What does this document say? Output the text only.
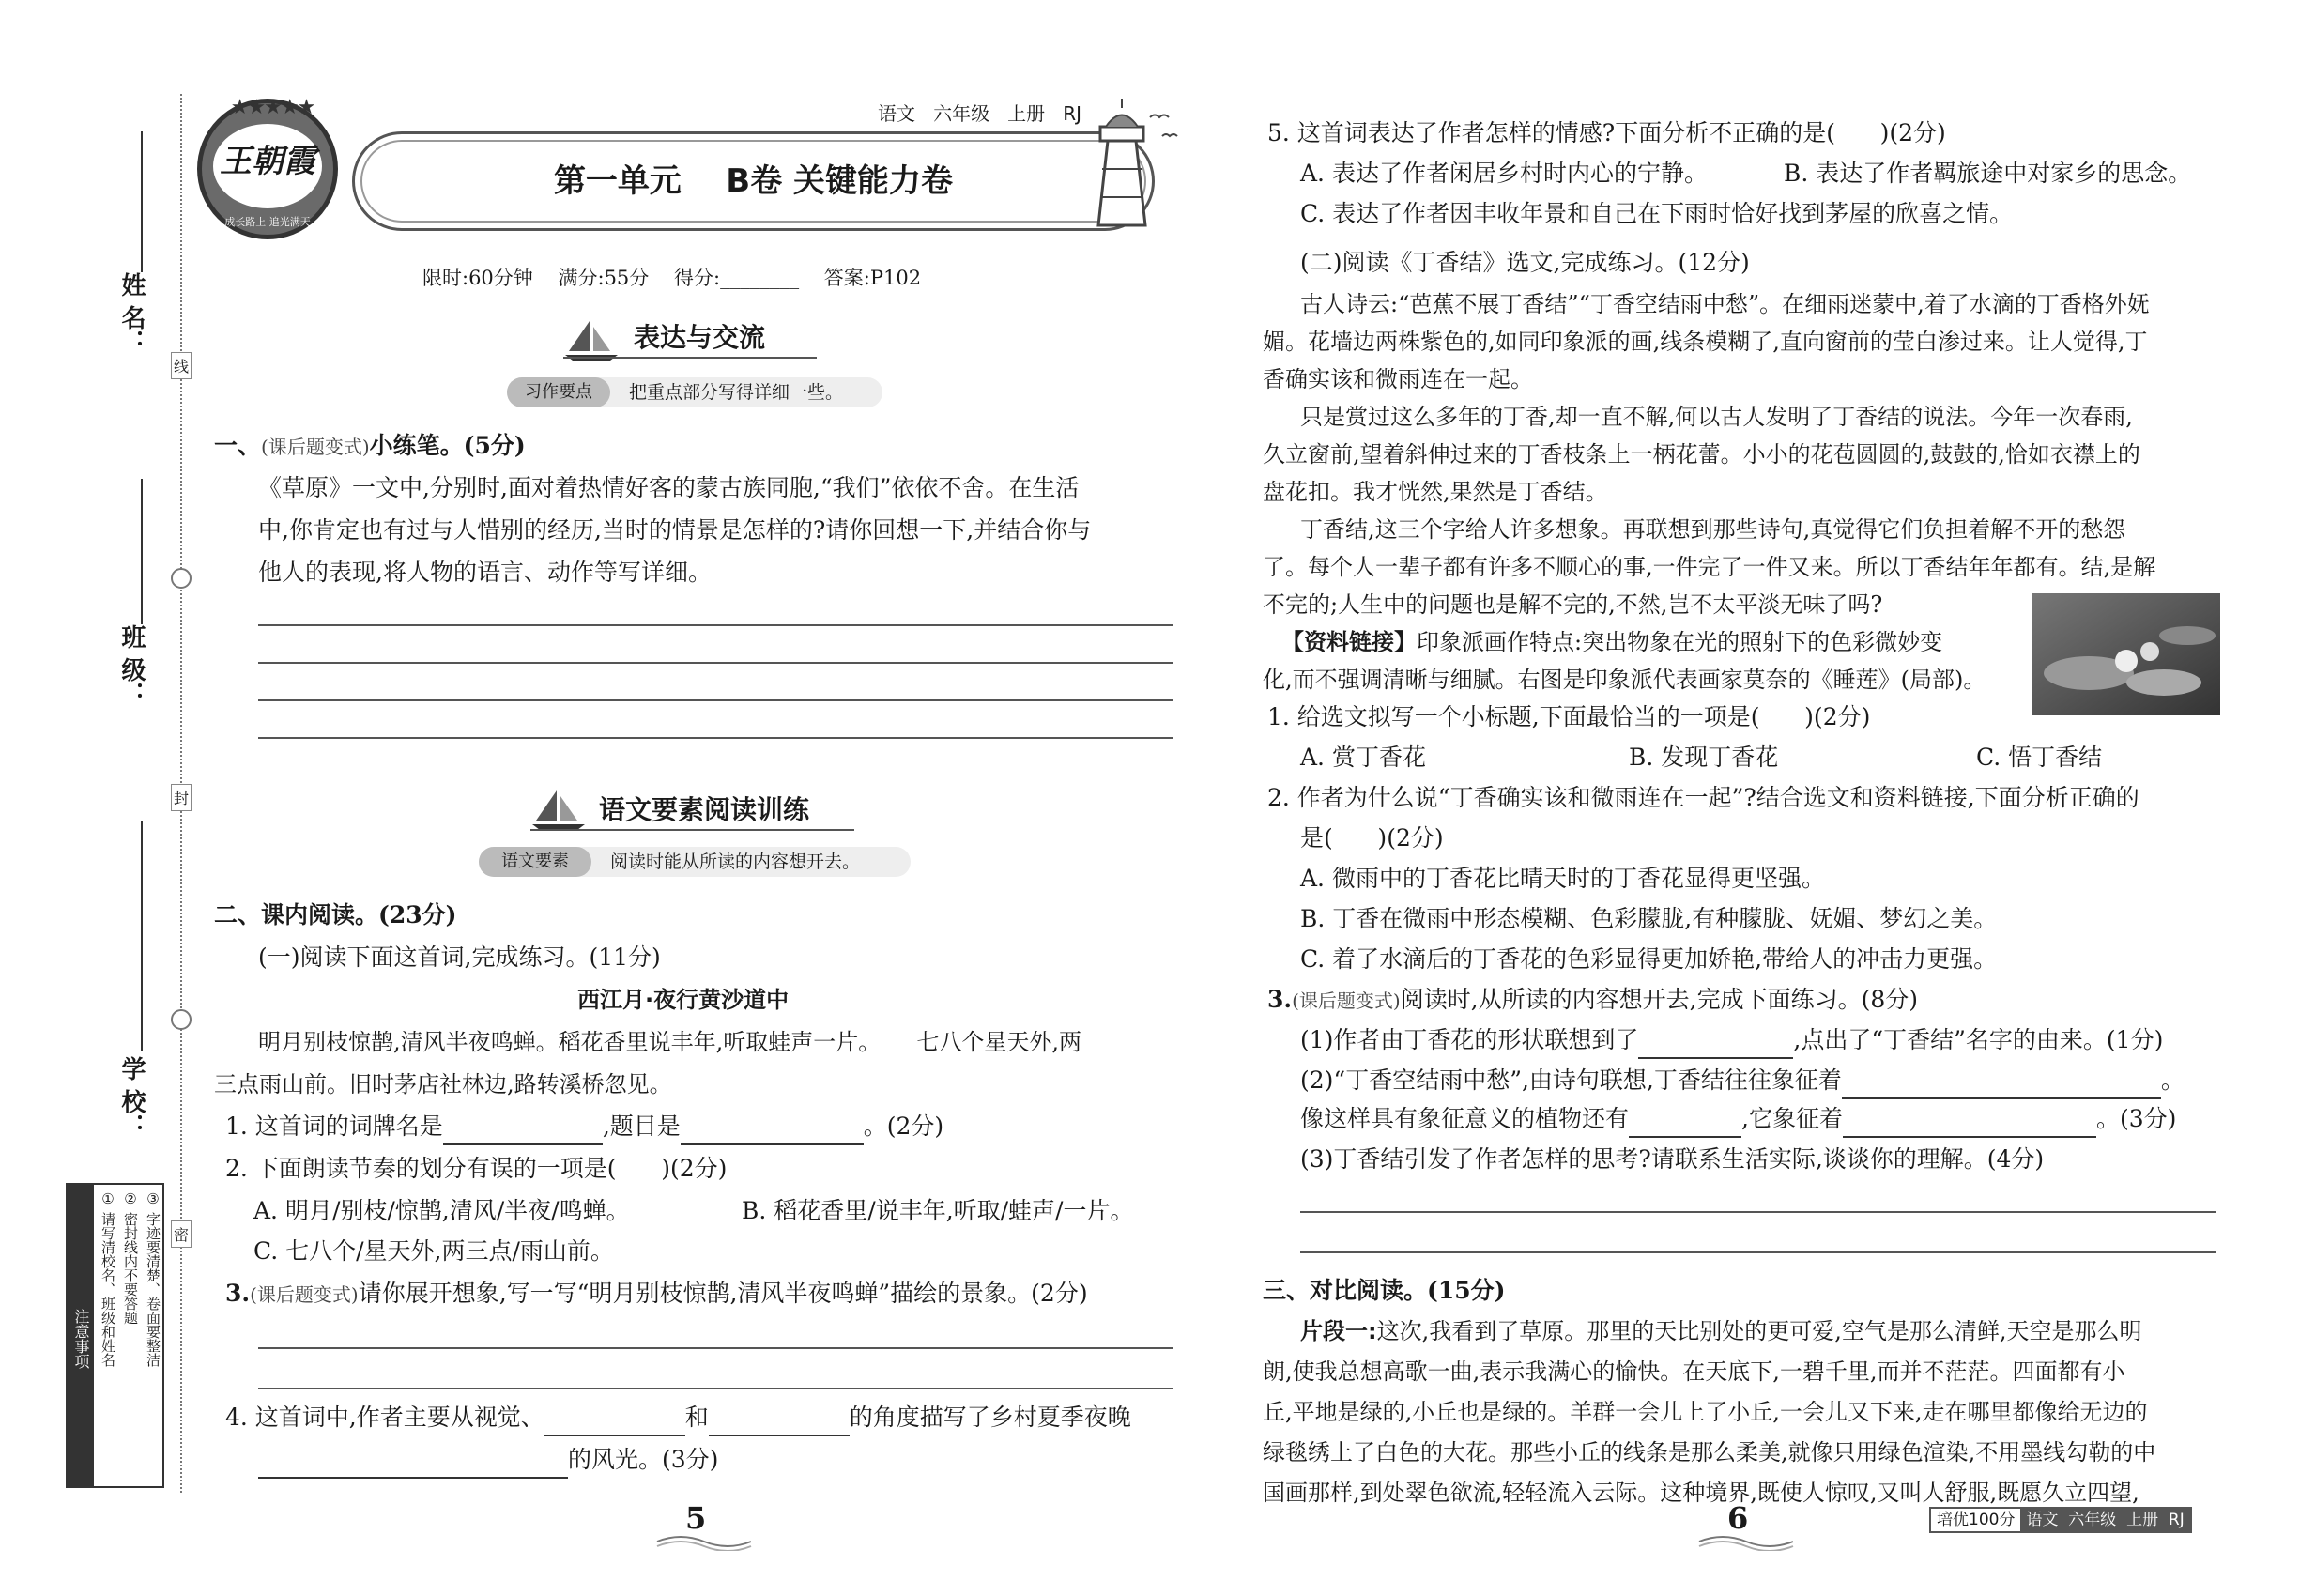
姓 名：
班 级：
学 校：
线
封
密
注意事项 ① 请写清校名、班级和姓名 ② 密封线内不要答题 ③ 字迹要清楚、卷面要整洁
★★★★★
王朝霞
成长路上 追光满天
语文   六年级   上册   RJ
第一单元    B卷 关键能力卷
限时:60分钟    满分:55分    得分:________    答案:P102
表达与交流
习作要点	把重点部分写得详细一些。
一、(课后题变式)小练笔。(5分)
《草原》一文中,分别时,面对着热情好客的蒙古族同胞,“我们”依依不舍。在生活
中,你肯定也有过与人惜别的经历,当时的情景是怎样的?请你回想一下,并结合你与
他人的表现,将人物的语言、动作等写详细。
语文要素阅读训练
语文要素	阅读时能从所读的内容想开去。
二、课内阅读。(23分)
(一)阅读下面这首词,完成练习。(11分)
西江月·夜行黄沙道中
明月别枝惊鹊,清风半夜鸣蝉。稻花香里说丰年,听取蛙声一片。     七八个星天外,两
三点雨山前。旧时茅店社林边,路转溪桥忽见。
1. 这首词的词牌名是	,题目是	。(2分)
2. 下面朗读节奏的划分有误的一项是(      )(2分)
A. 明月/别枝/惊鹊,清风/半夜/鸣蝉。	B. 稻花香里/说丰年,听取/蛙声/一片。
C. 七八个/星天外,两三点/雨山前。
3.(课后题变式)请你展开想象,写一写“明月别枝惊鹊,清风半夜鸣蝉”描绘的景象。(2分)
4. 这首词中,作者主要从视觉、	和	的角度描写了乡村夏季夜晚
的风光。(3分)
5
5. 这首词表达了作者怎样的情感?下面分析不正确的是(      )(2分)
A. 表达了作者闲居乡村时内心的宁静。	B. 表达了作者羁旅途中对家乡的思念。
C. 表达了作者因丰收年景和自己在下雨时恰好找到茅屋的欣喜之情。
(二)阅读《丁香结》选文,完成练习。(12分)
古人诗云:“芭蕉不展丁香结”“丁香空结雨中愁”。在细雨迷蒙中,着了水滴的丁香格外妩
媚。花墙边两株紫色的,如同印象派的画,线条模糊了,直向窗前的莹白渗过来。让人觉得,丁
香确实该和微雨连在一起。
只是赏过这么多年的丁香,却一直不解,何以古人发明了丁香结的说法。今年一次春雨,
久立窗前,望着斜伸过来的丁香枝条上一柄花蕾。小小的花苞圆圆的,鼓鼓的,恰如衣襟上的
盘花扣。我才恍然,果然是丁香结。
丁香结,这三个字给人许多想象。再联想到那些诗句,真觉得它们负担着解不开的愁怨
了。每个人一辈子都有许多不顺心的事,一件完了一件又来。所以丁香结年年都有。结,是解
不完的;人生中的问题也是解不完的,不然,岂不太平淡无味了吗?
【资料链接】印象派画作特点:突出物象在光的照射下的色彩微妙变
化,而不强调清晰与细腻。右图是印象派代表画家莫奈的《睡莲》(局部)。
1. 给选文拟写一个小标题,下面最恰当的一项是(      )(2分)
A. 赏丁香花	B. 发现丁香花	C. 悟丁香结
2. 作者为什么说“丁香确实该和微雨连在一起”?结合选文和资料链接,下面分析正确的
是(      )(2分)
A. 微雨中的丁香花比晴天时的丁香花显得更坚强。
B. 丁香在微雨中形态模糊、色彩朦胧,有种朦胧、妩媚、梦幻之美。
C. 着了水滴后的丁香花的色彩显得更加娇艳,带给人的冲击力更强。
3.(课后题变式)阅读时,从所读的内容想开去,完成下面练习。(8分)
(1)作者由丁香花的形状联想到了	,点出了“丁香结”名字的由来。(1分)
(2)“丁香空结雨中愁”,由诗句联想,丁香结往往象征着	。
像这样具有象征意义的植物还有	,它象征着	。(3分)
(3)丁香结引发了作者怎样的思考?请联系生活实际,谈谈你的理解。(4分)
三、对比阅读。(15分)
片段一:这次,我看到了草原。那里的天比别处的更可爱,空气是那么清鲜,天空是那么明
朗,使我总想高歌一曲,表示我满心的愉快。在天底下,一碧千里,而并不茫茫。四面都有小
丘,平地是绿的,小丘也是绿的。羊群一会儿上了小丘,一会儿又下来,走在哪里都像给无边的
绿毯绣上了白色的大花。那些小丘的线条是那么柔美,就像只用绿色渲染,不用墨线勾勒的中
国画那样,到处翠色欲流,轻轻流入云际。这种境界,既使人惊叹,又叫人舒服,既愿久立四望,
6	培优100分 语文  六年级  上册  RJ
